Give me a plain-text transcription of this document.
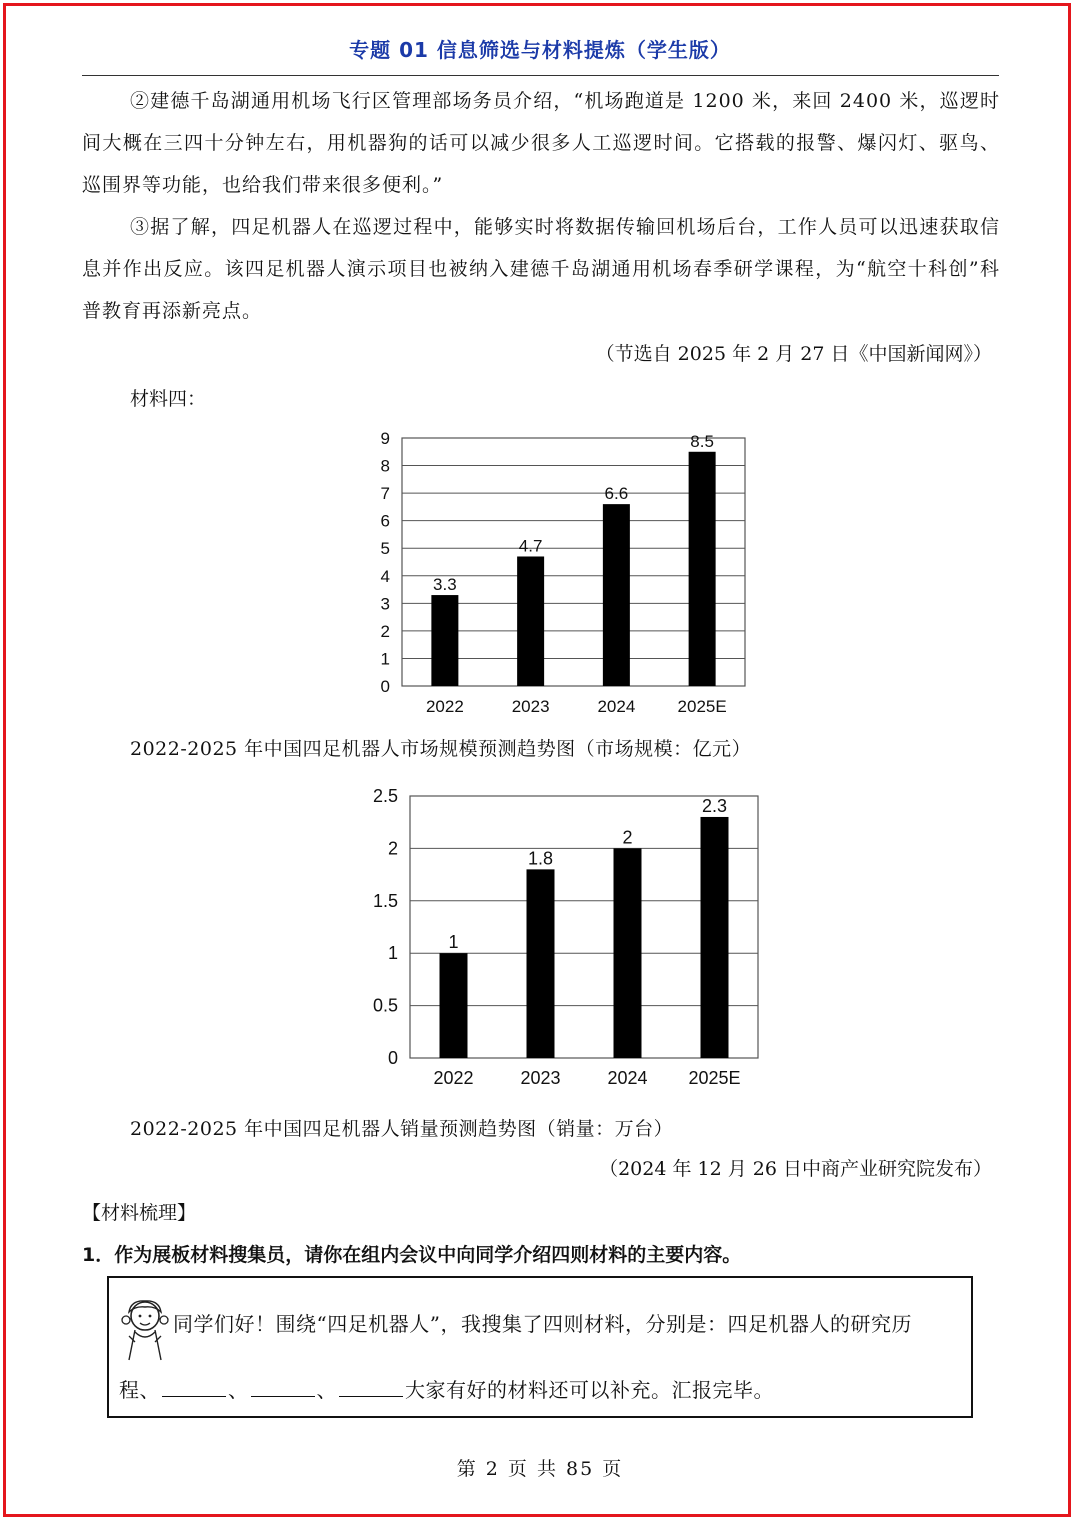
专题 01 信息筛选与材料提炼（学生版）

②建德千岛湖通用机场飞行区管理部场务员介绍，“机场跑道是 1200 米，来回 2400 米，巡逻时间大概在三四十分钟左右，用机器狗的话可以减少很多人工巡逻时间。它搭载的报警、爆闪灯、驱鸟、巡围界等功能，也给我们带来很多便利。”

③据了解，四足机器人在巡逻过程中，能够实时将数据传输回机场后台，工作人员可以迅速获取信息并作出反应。该四足机器人演示项目也被纳入建德千岛湖通用机场春季研学课程，为“航空十科创”科普教育再添新亮点。

（节选自 2025 年 2 月 27 日《中国新闻网》）
材料四：
0
1
2
3
4
5
6
7
8
9
3.3
2022
4.7
2023
6.6
2024
8.5
2025E
2022-2025 年中国四足机器人市场规模预测趋势图（市场规模：亿元）
0
0.5
1
1.5
2
2.5
1
2022
1.8
2023
2
2024
2.3
2025E
2022-2025 年中国四足机器人销量预测趋势图（销量：万台）
（2024 年 12 月 26 日中商产业研究院发布）
【材料梳理】
1．作为展板材料搜集员，请你在组内会议中向同学介绍四则材料的主要内容。
同学们好！围绕“四足机器人”，我搜集了四则材料，分别是：四足机器人的研究历
程、	、	、	大家有好的材料还可以补充。汇报完毕。
第 2 页 共 85 页
